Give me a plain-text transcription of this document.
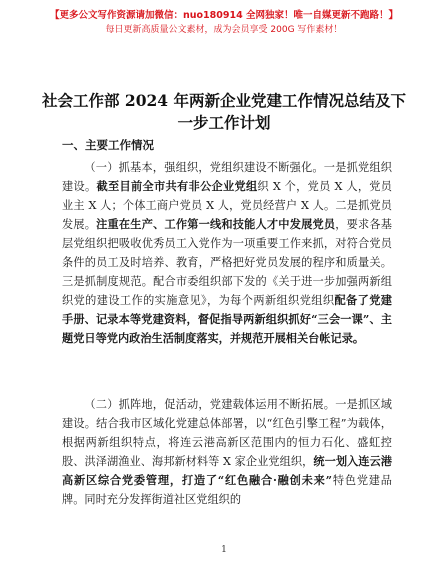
【更多公文写作资源请加微信：nuo180914 全网独家！唯一自媒更新不跑路！】
每日更新高质量公文素材，成为会员享受 200G 写作素材！
社会工作部 2024 年两新企业党建工作情况总结及下一步工作计划
一、主要工作情况

（一）抓基本，强组织，党组织建设不断强化。一是抓党组织建设。截至目前全市共有非公企业党组织 X 个，党员 X 人，党员业主 X 人；个体工商户党员 X 人，党员经营户 X 人。二是抓党员发展。注重在生产、工作第一线和技能人才中发展党员，要求各基层党组织把吸收优秀员工入党作为一项重要工作来抓，对符合党员条件的员工及时培养、教育，严格把好党员发展的程序和质量关。三是抓制度规范。配合市委组织部下发的《关于进一步加强两新组织党的建设工作的实施意见》，为每个两新组织党组织配备了党建手册、记录本等党建资料，督促指导两新组织抓好“三会一课”、主题党日等党内政治生活制度落实，并规范开展相关台帐记录。

（二）抓阵地，促活动，党建载体运用不断拓展。一是抓区域建设。结合我市区域化党建总体部署，以“红色引擎工程”为载体，根据两新组织特点，将连云港高新区范围内的恒力石化、盛虹控股、洪泽湖渔业、海邦新材料等 X 家企业党组织，统一划入连云港高新区综合党委管理，打造了“红色融合·融创未来”特色党建品牌。同时充分发挥街道社区党组织的

1
